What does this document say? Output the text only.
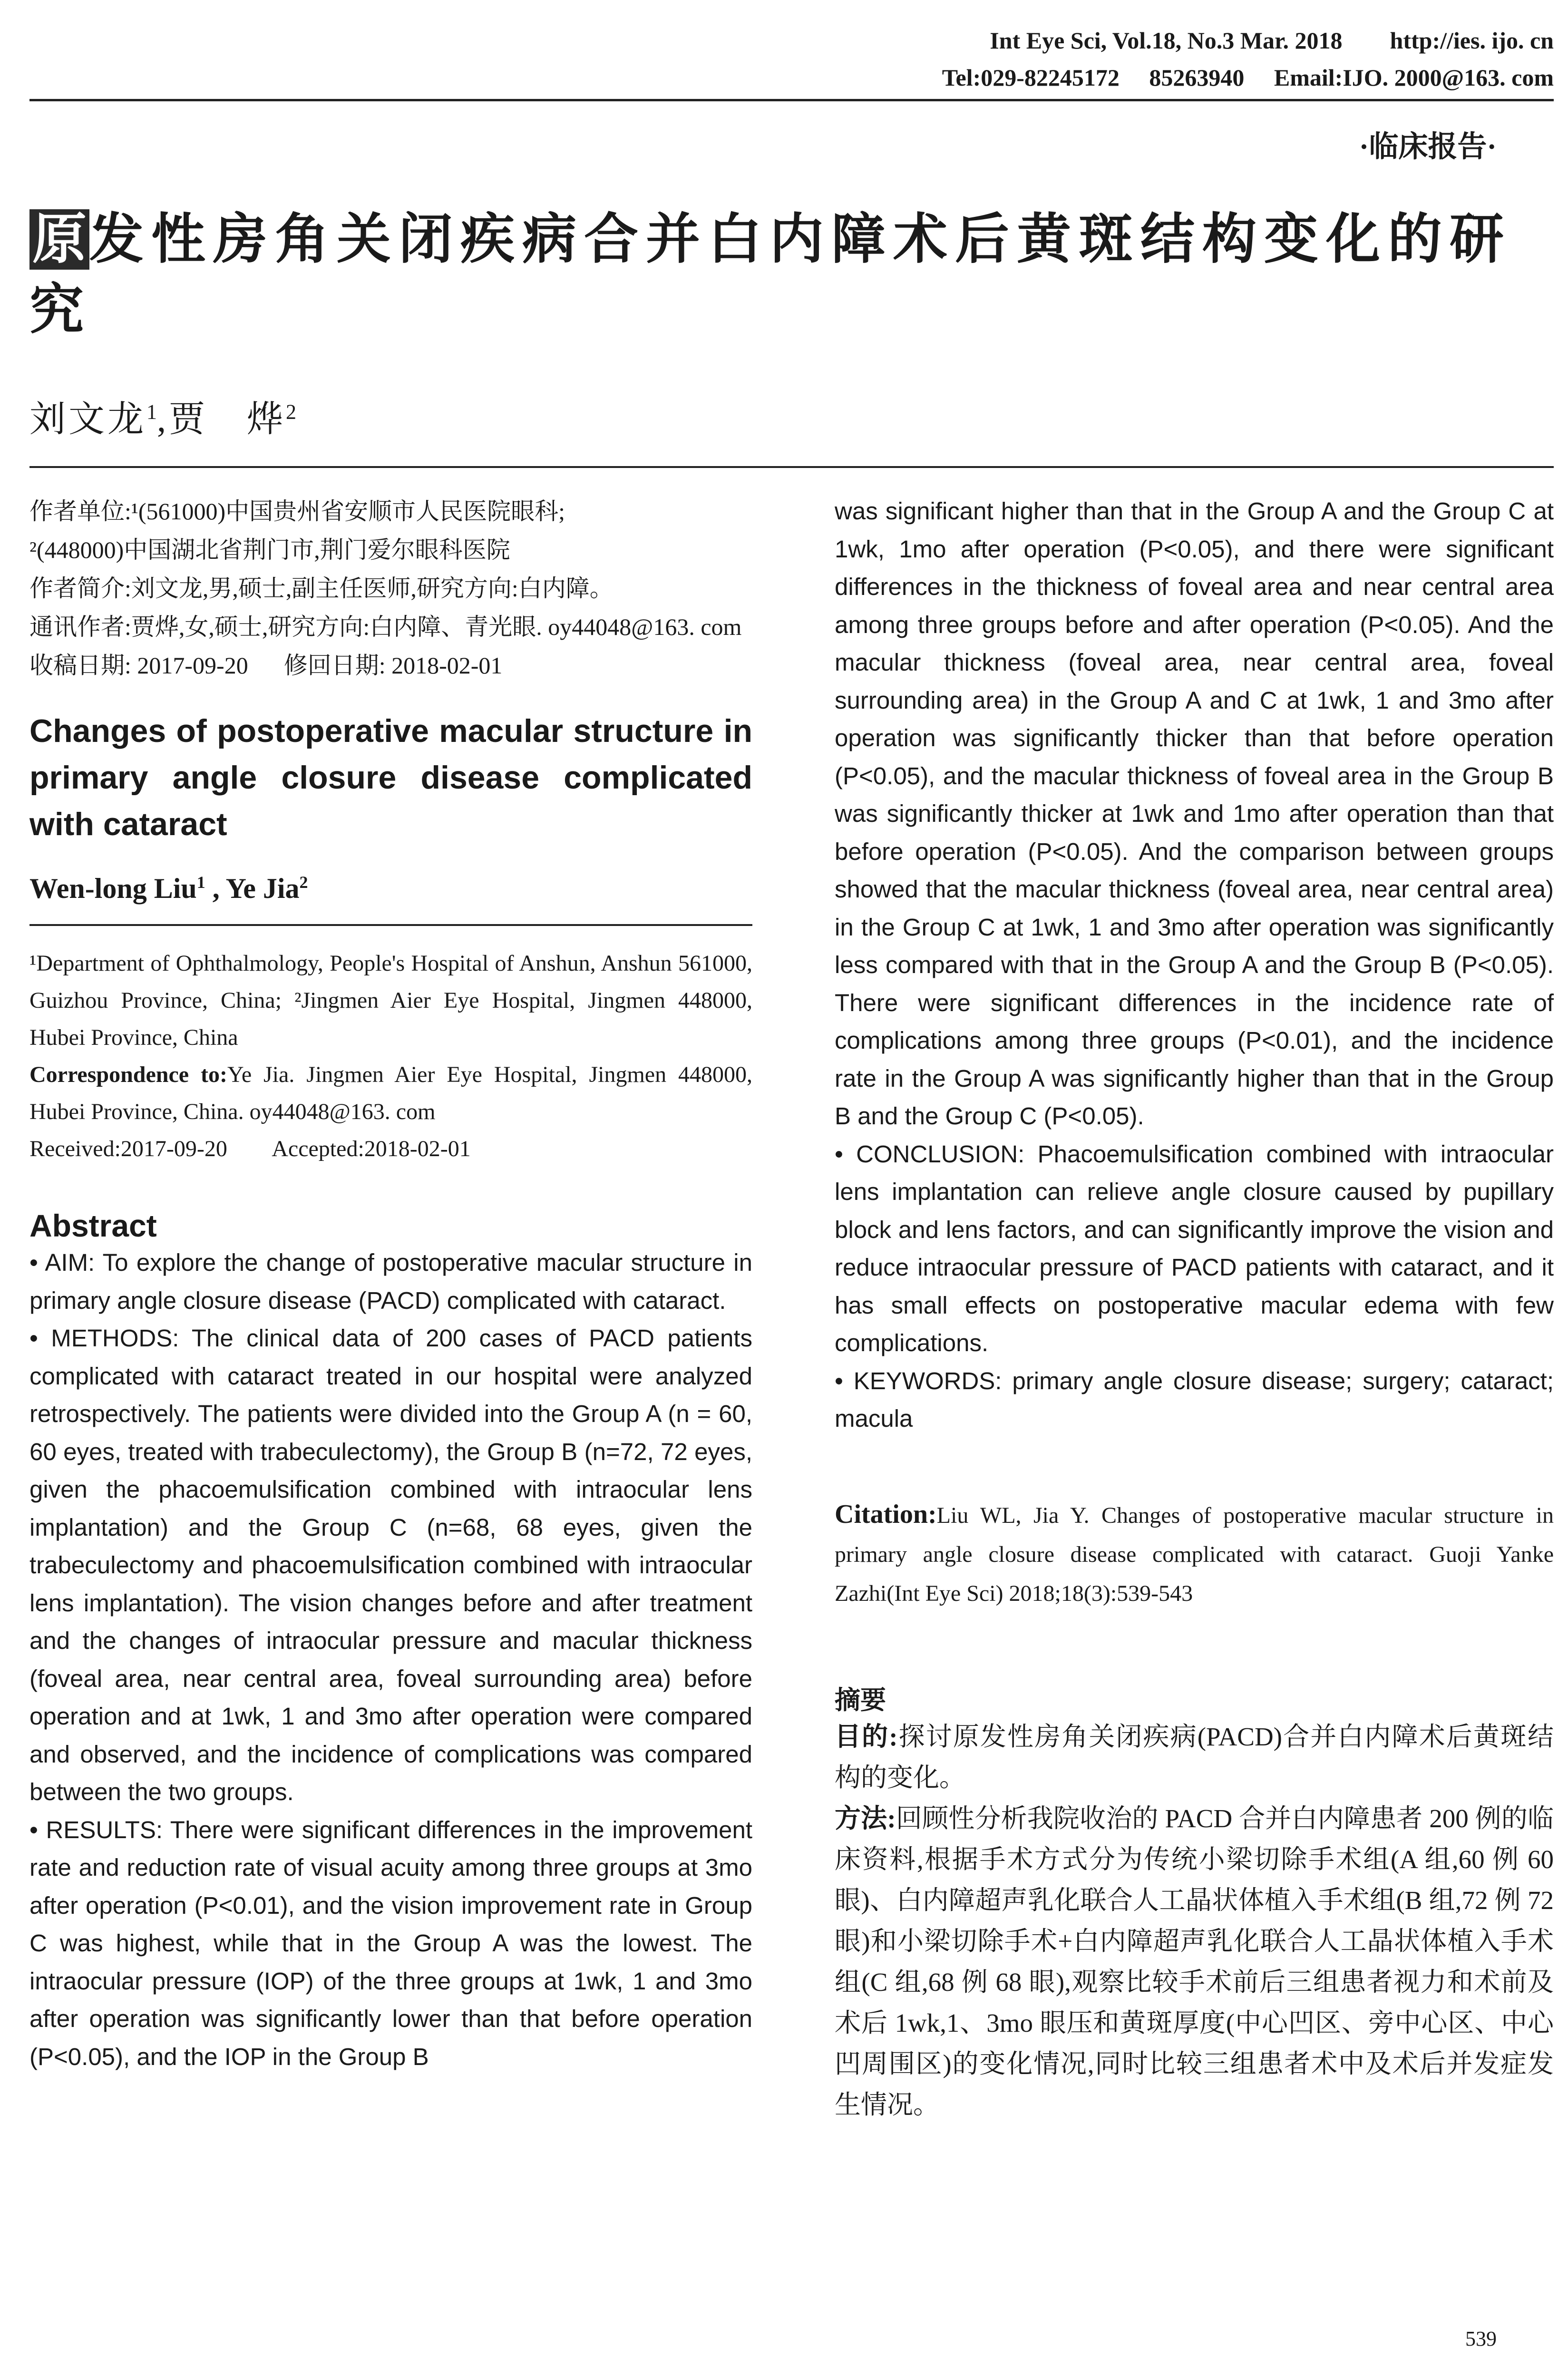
Int Eye Sci, Vol.18, No.3 Mar. 2018        http://ies. ijo. cn
Tel:029-82245172     85263940     Email:IJO. 2000@163. com
·临床报告·
原发性房角关闭疾病合并白内障术后黄斑结构变化的研究
刘文龙$^1$,贾　烨$^2$
作者单位:¹(561000)中国贵州省安顺市人民医院眼科;
²(448000)中国湖北省荆门市,荆门爱尔眼科医院
作者简介:刘文龙,男,硕士,副主任医师,研究方向:白内障。
通讯作者:贾烨,女,硕士,研究方向:白内障、青光眼. oy44048@163. com
收稿日期: 2017-09-20      修回日期: 2018-02-01
Changes of postoperative macular structure in primary angle closure disease complicated with cataract
Wen-long Liu$^1$ , Ye Jia$^2$
¹Department of Ophthalmology, People's Hospital of Anshun, Anshun 561000, Guizhou Province, China; ²Jingmen Aier Eye Hospital, Jingmen 448000, Hubei Province, China
Correspondence to:Ye Jia. Jingmen Aier Eye Hospital, Jingmen 448000, Hubei Province, China. oy44048@163. com
Received:2017-09-20        Accepted:2018-02-01
Abstract
• AIM: To explore the change of postoperative macular structure in primary angle closure disease (PACD) complicated with cataract.
• METHODS: The clinical data of 200 cases of PACD patients complicated with cataract treated in our hospital were analyzed retrospectively. The patients were divided into the Group A (n = 60, 60 eyes, treated with trabeculectomy), the Group B (n=72, 72 eyes, given the phacoemulsification combined with intraocular lens implantation) and the Group C (n=68, 68 eyes, given the trabeculectomy and phacoemulsification combined with intraocular lens implantation). The vision changes before and after treatment and the changes of intraocular pressure and macular thickness (foveal area, near central area, foveal surrounding area) before operation and at 1wk, 1 and 3mo after operation were compared and observed, and the incidence of complications was compared between the two groups.
• RESULTS: There were significant differences in the improvement rate and reduction rate of visual acuity among three groups at 3mo after operation (P<0.01), and the vision improvement rate in Group C was highest, while that in the Group A was the lowest. The intraocular pressure (IOP) of the three groups at 1wk, 1 and 3mo after operation was significantly lower than that before operation (P<0.05), and the IOP in the Group B
was significant higher than that in the Group A and the Group C at 1wk, 1mo after operation (P<0.05), and there were significant differences in the thickness of foveal area and near central area among three groups before and after operation (P<0.05). And the macular thickness (foveal area, near central area, foveal surrounding area) in the Group A and C at 1wk, 1 and 3mo after operation was significantly thicker than that before operation (P<0.05), and the macular thickness of foveal area in the Group B was significantly thicker at 1wk and 1mo after operation than that before operation (P<0.05). And the comparison between groups showed that the macular thickness (foveal area, near central area) in the Group C at 1wk, 1 and 3mo after operation was significantly less compared with that in the Group A and the Group B (P<0.05). There were significant differences in the incidence rate of complications among three groups (P<0.01), and the incidence rate in the Group A was significantly higher than that in the Group B and the Group C (P<0.05).
• CONCLUSION: Phacoemulsification combined with intraocular lens implantation can relieve angle closure caused by pupillary block and lens factors, and can significantly improve the vision and reduce intraocular pressure of PACD patients with cataract, and it has small effects on postoperative macular edema with few complications.
• KEYWORDS: primary angle closure disease; surgery; cataract; macula
Citation:Liu WL, Jia Y. Changes of postoperative macular structure in primary angle closure disease complicated with cataract. Guoji Yanke Zazhi(Int Eye Sci) 2018;18(3):539-543
摘要
目的:探讨原发性房角关闭疾病(PACD)合并白内障术后黄斑结构的变化。
方法:回顾性分析我院收治的 PACD 合并白内障患者 200 例的临床资料,根据手术方式分为传统小梁切除手术组(A 组,60 例 60 眼)、白内障超声乳化联合人工晶状体植入手术组(B 组,72 例 72 眼)和小梁切除手术+白内障超声乳化联合人工晶状体植入手术组(C 组,68 例 68 眼),观察比较手术前后三组患者视力和术前及术后 1wk,1、3mo 眼压和黄斑厚度(中心凹区、旁中心区、中心凹周围区)的变化情况,同时比较三组患者术中及术后并发症发生情况。
539
